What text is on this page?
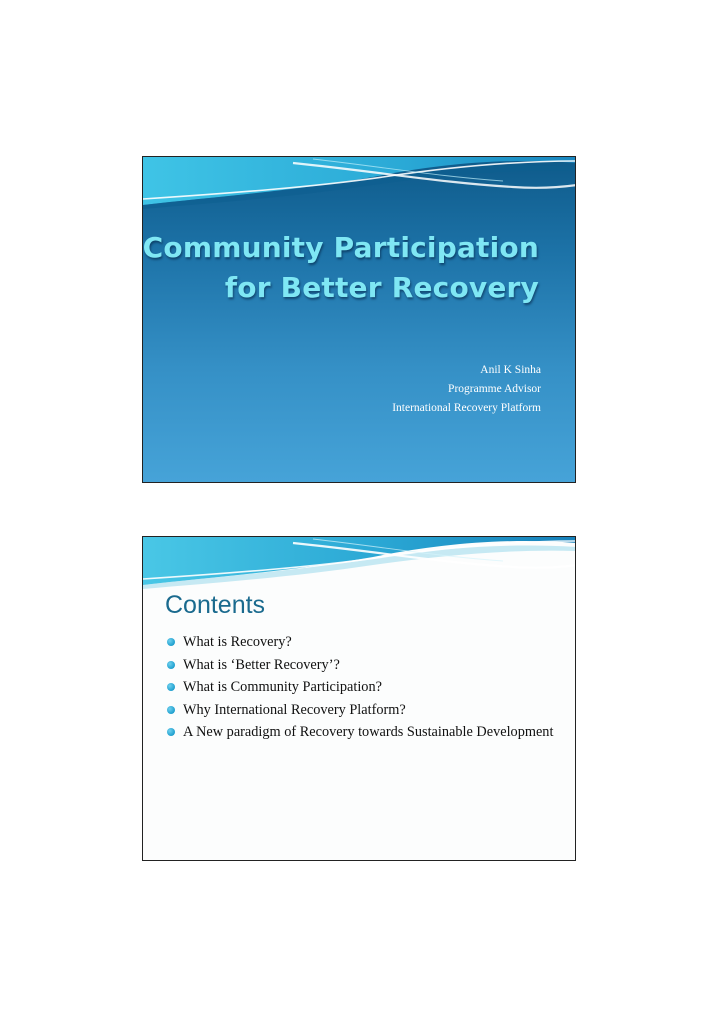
Community Participation
for Better Recovery

Anil K Sinha

Programme Advisor

International Recovery Platform

Contents
What is Recovery?
What is ‘Better Recovery’?
What is Community Participation?
Why International Recovery Platform?
A New paradigm of Recovery towards Sustainable Development
